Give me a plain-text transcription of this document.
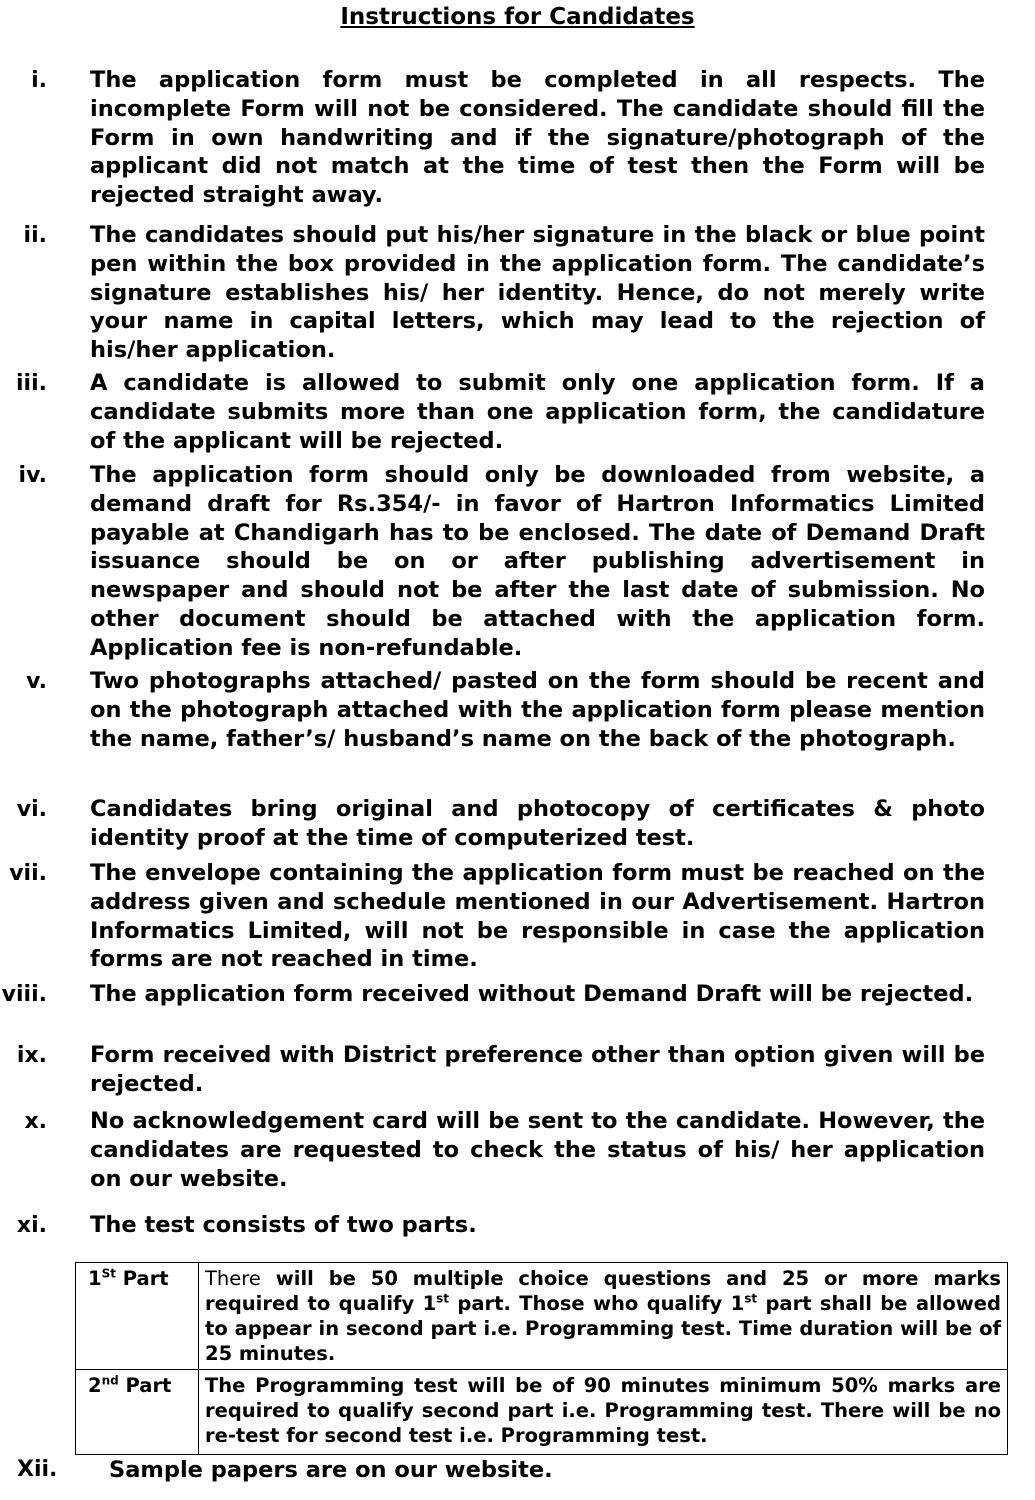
Instructions for Candidates
i. The application form must be completed in all respects. The incomplete Form will not be considered. The candidate should fill the Form in own handwriting and if the signature/photograph of the applicant did not match at the time of test then the Form will be rejected straight away.
ii. The candidates should put his/her signature in the black or blue point pen within the box provided in the application form. The candidate’s signature establishes his/ her identity. Hence, do not merely write your name in capital letters, which may lead to the rejection of his/her application.
iii. A candidate is allowed to submit only one application form. If a candidate submits more than one application form, the candidature of the applicant will be rejected.
iv. The application form should only be downloaded from website, a demand draft for Rs.354/- in favor of Hartron Informatics Limited payable at Chandigarh has to be enclosed. The date of Demand Draft issuance should be on or after publishing advertisement in newspaper and should not be after the last date of submission. No other document should be attached with the application form. Application fee is non-refundable.
v. Two photographs attached/ pasted on the form should be recent and on the photograph attached with the application form please mention the name, father’s/ husband’s name on the back of the photograph.
vi. Candidates bring original and photocopy of certificates & photo identity proof at the time of computerized test.
vii. The envelope containing the application form must be reached on the address given and schedule mentioned in our Advertisement. Hartron Informatics Limited, will not be responsible in case the application forms are not reached in time.
viii. The application form received without Demand Draft will be rejected.
ix. Form received with District preference other than option given will be rejected.
x. No acknowledgement card will be sent to the candidate. However, the candidates are requested to check the status of his/ her application on our website.
xi. The test consists of two parts.
1St Part	There will be 50 multiple choice questions and 25 or more marks required to qualify 1st part. Those who qualify 1st part shall be allowed to appear in second part i.e. Programming test. Time duration will be of 25 minutes.
2nd Part	The Programming test will be of 90 minutes minimum 50% marks are required to qualify second part i.e. Programming test. There will be no re-test for second test i.e. Programming test.
Xii. Sample papers are on our website.
